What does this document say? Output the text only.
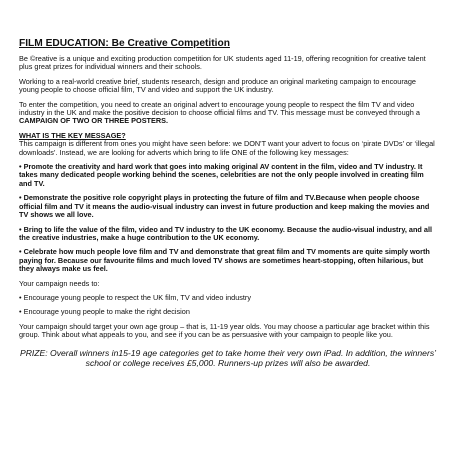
FILM EDUCATION: Be Creative Competition

Be ©reative is a unique and exciting production competition for UK students aged 11-19, offering recognition for creative talent plus great prizes for individual winners and their schools.

Working to a real-world creative brief, students research, design and produce an original marketing campaign to encourage young people to choose official film, TV and video and support the UK industry.

To enter the competition, you need to create an original advert to encourage young people to respect the film TV and video industry in the UK and make the positive decision to choose official films and TV. This message must be conveyed through a CAMPAIGN OF TWO OR THREE POSTERS.

WHAT IS THE KEY MESSAGE?

This campaign is different from ones you might have seen before: we DON'T want your advert to focus on ‘pirate DVDs’ or ‘illegal downloads’. Instead, we are looking for adverts which bring to life ONE of the following key messages:

• Promote the creativity and hard work that goes into making original AV content in the film, video and TV industry. It takes many dedicated people working behind the scenes, celebrities are not the only people involved in creating film and TV.

• Demonstrate the positive role copyright plays in protecting the future of film and TV.Because when people choose official film and TV it means the audio-visual industry can invest in future production and keep making the movies and TV shows we all love.

• Bring to life the value of the film, video and TV industry to the UK economy. Because the audio-visual industry, and all the creative industries, make a huge contribution to the UK economy.

• Celebrate how much people love film and TV and demonstrate that great film and TV moments are quite simply worth paying for. Because our favourite films and much loved TV shows are sometimes heart-stopping, often hilarious, but they always make us feel.

Your campaign needs to:

• Encourage young people to respect the UK film, TV and video industry

• Encourage young people to make the right decision

Your campaign should target your own age group – that is, 11-19 year olds. You may choose a particular age bracket within this group. Think about what appeals to you, and see if you can be as persuasive with your campaign to people like you.

PRIZE: Overall winners in15-19 age categories get to take home their very own iPad. In addition, the winners’ school or college receives £5,000. Runners-up prizes will also be awarded.
